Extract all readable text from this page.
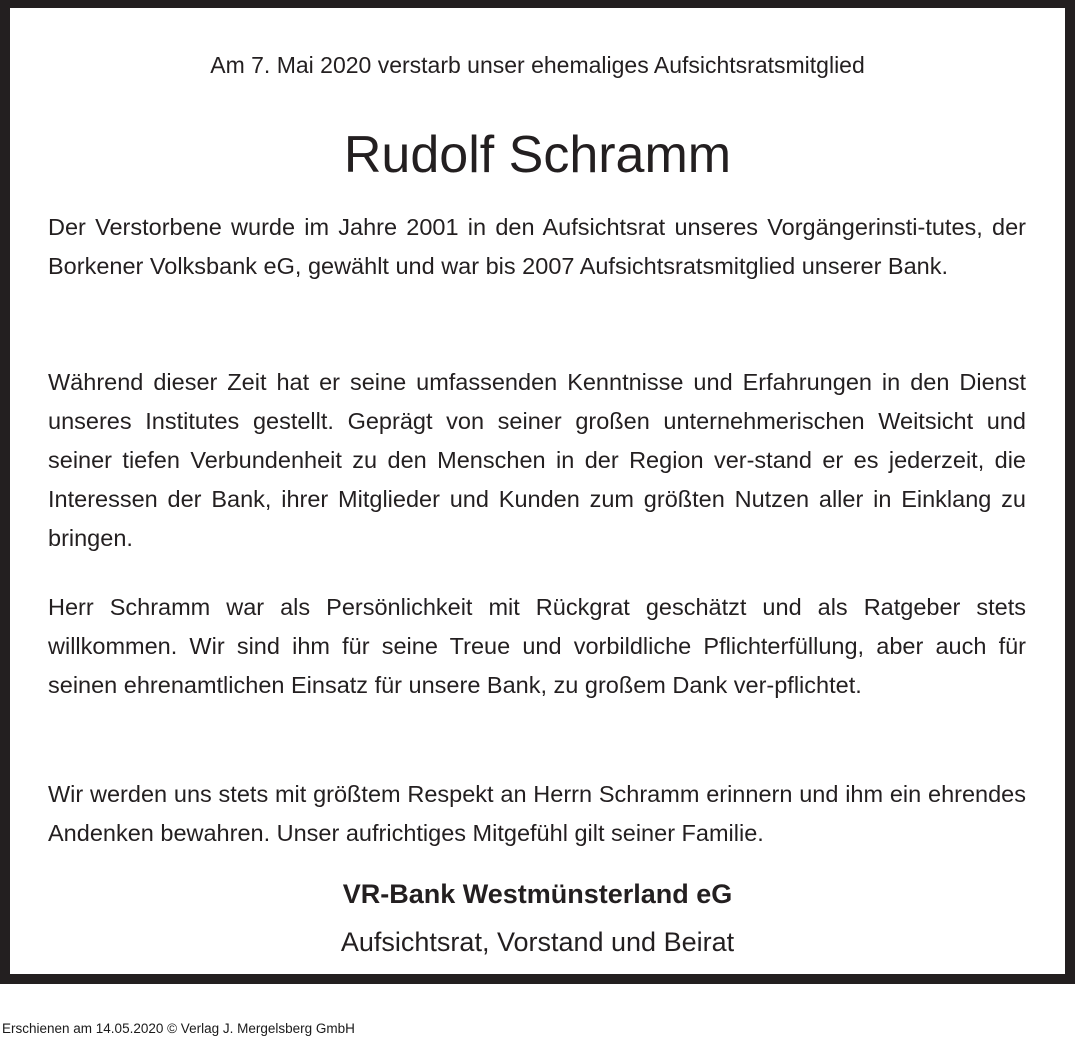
Am 7. Mai 2020 verstarb unser ehemaliges Aufsichtsratsmitglied

Rudolf Schramm

Der Verstorbene wurde im Jahre 2001 in den Aufsichtsrat unseres Vorgängerinsti-tutes, der Borkener Volksbank eG, gewählt und war bis 2007 Aufsichtsratsmitglied unserer Bank.

Während dieser Zeit hat er seine umfassenden Kenntnisse und Erfahrungen in den Dienst unseres Institutes gestellt. Geprägt von seiner großen unternehmerischen Weitsicht und seiner tiefen Verbundenheit zu den Menschen in der Region ver-stand er es jederzeit, die Interessen der Bank, ihrer Mitglieder und Kunden zum größten Nutzen aller in Einklang zu bringen.

Herr Schramm war als Persönlichkeit mit Rückgrat geschätzt und als Ratgeber stets willkommen. Wir sind ihm für seine Treue und vorbildliche Pflichterfüllung, aber auch für seinen ehrenamtlichen Einsatz für unsere Bank, zu großem Dank ver-pflichtet.

Wir werden uns stets mit größtem Respekt an Herrn Schramm erinnern und ihm ein ehrendes Andenken bewahren. Unser aufrichtiges Mitgefühl gilt seiner Familie.

VR-Bank Westmünsterland eG

Aufsichtsrat, Vorstand und Beirat

Erschienen am 14.05.2020 © Verlag J. Mergelsberg GmbH
